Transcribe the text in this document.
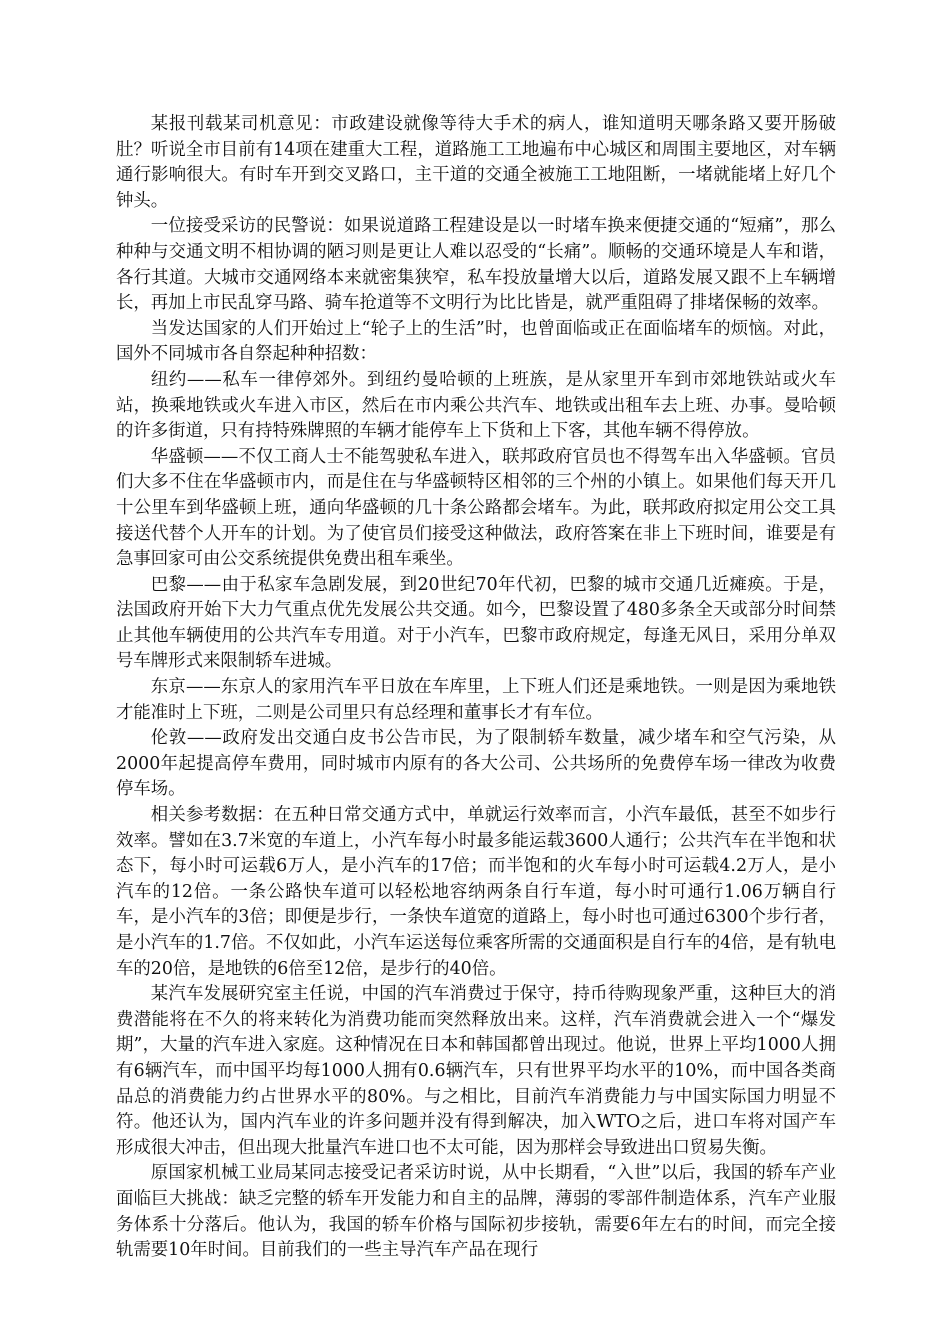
某报刊载某司机意见：市政建设就像等待大手术的病人，谁知道明天哪条路又要开肠破肚？听说全市目前有14项在建重大工程，道路施工工地遍布中心城区和周围主要地区，对车辆通行影响很大。有时车开到交叉路口，主干道的交通全被施工工地阻断，一堵就能堵上好几个钟头。

一位接受采访的民警说：如果说道路工程建设是以一时堵车换来便捷交通的“短痛”，那么种种与交通文明不相协调的陋习则是更让人难以忍受的“长痛”。顺畅的交通环境是人车和谐，各行其道。大城市交通网络本来就密集狭窄，私车投放量增大以后，道路发展又跟不上车辆增长，再加上市民乱穿马路、骑车抢道等不文明行为比比皆是，就严重阻碍了排堵保畅的效率。

当发达国家的人们开始过上“轮子上的生活”时，也曾面临或正在面临堵车的烦恼。对此，国外不同城市各自祭起种种招数：

纽约——私车一律停郊外。到纽约曼哈顿的上班族，是从家里开车到市郊地铁站或火车站，换乘地铁或火车进入市区，然后在市内乘公共汽车、地铁或出租车去上班、办事。曼哈顿的许多街道，只有持特殊牌照的车辆才能停车上下货和上下客，其他车辆不得停放。

华盛顿——不仅工商人士不能驾驶私车进入，联邦政府官员也不得驾车出入华盛顿。官员们大多不住在华盛顿市内，而是住在与华盛顿特区相邻的三个州的小镇上。如果他们每天开几十公里车到华盛顿上班，通向华盛顿的几十条公路都会堵车。为此，联邦政府拟定用公交工具接送代替个人开车的计划。为了使官员们接受这种做法，政府答案在非上下班时间，谁要是有急事回家可由公交系统提供免费出租车乘坐。

巴黎——由于私家车急剧发展，到20世纪70年代初，巴黎的城市交通几近瘫痪。于是，法国政府开始下大力气重点优先发展公共交通。如今，巴黎设置了480多条全天或部分时间禁止其他车辆使用的公共汽车专用道。对于小汽车，巴黎市政府规定，每逢无风日，采用分单双号车牌形式来限制轿车进城。

东京——东京人的家用汽车平日放在车库里，上下班人们还是乘地铁。一则是因为乘地铁才能准时上下班，二则是公司里只有总经理和董事长才有车位。

伦敦——政府发出交通白皮书公告市民，为了限制轿车数量，减少堵车和空气污染，从2000年起提高停车费用，同时城市内原有的各大公司、公共场所的免费停车场一律改为收费停车场。

相关参考数据：在五种日常交通方式中，单就运行效率而言，小汽车最低，甚至不如步行效率。譬如在3.7米宽的车道上，小汽车每小时最多能运载3600人通行；公共汽车在半饱和状态下，每小时可运载6万人，是小汽车的17倍；而半饱和的火车每小时可运载4.2万人，是小汽车的12倍。一条公路快车道可以轻松地容纳两条自行车道，每小时可通行1.06万辆自行车，是小汽车的3倍；即便是步行，一条快车道宽的道路上，每小时也可通过6300个步行者，是小汽车的1.7倍。不仅如此，小汽车运送每位乘客所需的交通面积是自行车的4倍，是有轨电车的20倍，是地铁的6倍至12倍，是步行的40倍。

某汽车发展研究室主任说，中国的汽车消费过于保守，持币待购现象严重，这种巨大的消费潜能将在不久的将来转化为消费功能而突然释放出来。这样，汽车消费就会进入一个“爆发期”，大量的汽车进入家庭。这种情况在日本和韩国都曾出现过。他说，世界上平均1000人拥有6辆汽车，而中国平均每1000人拥有0.6辆汽车，只有世界平均水平的10%，而中国各类商品总的消费能力约占世界水平的80%。与之相比，目前汽车消费能力与中国实际国力明显不符。他还认为，国内汽车业的许多问题并没有得到解决，加入WTO之后，进口车将对国产车形成很大冲击，但出现大批量汽车进口也不太可能，因为那样会导致进出口贸易失衡。

原国家机械工业局某同志接受记者采访时说，从中长期看，“入世”以后，我国的轿车产业面临巨大挑战：缺乏完整的轿车开发能力和自主的品牌，薄弱的零部件制造体系，汽车产业服务体系十分落后。他认为，我国的轿车价格与国际初步接轨，需要6年左右的时间，而完全接轨需要10年时间。目前我们的一些主导汽车产品在现行
